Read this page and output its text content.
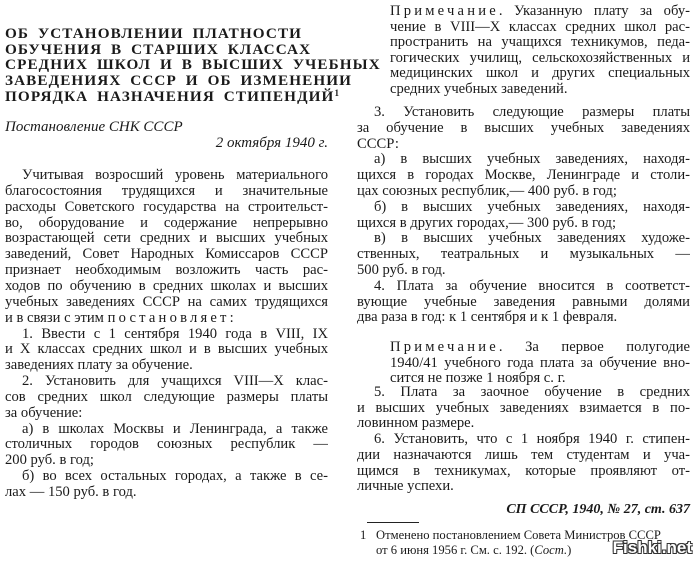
Постановление СНК СССР
2 октября 1940 г.
СП СССР, 1940, № 27, ст. 637
1
Fishki.net
ОБ УСТАНОВЛЕНИИ ПЛАТНОСТИ
ОБУЧЕНИЯ В СТАРШИХ КЛАССАХ
СРЕДНИХ ШКОЛ И В ВЫСШИХ УЧЕБНЫХ
ЗАВЕДЕНИЯХ СССР И ОБ ИЗМЕНЕНИИ
ПОРЯДКА НАЗНАЧЕНИЯ СТИПЕНДИЙ$^1$
Учитывая возросший уровень материального
благосостояния трудящихся и значительные
расходы Советского государства на строительст-
во, оборудование и содержание непрерывно
возрастающей сети средних и высших учебных
заведений, Совет Народных Комиссаров СССР
признает необходимым возложить часть рас-
ходов по обучению в средних школах и высших
учебных заведениях СССР на самих трудящихся
и в связи с этим постановляет:
1. Ввести с 1 сентября 1940 года в VIII, IX
и X классах средних школ и в высших учебных
заведениях плату за обучение.
2. Установить для учащихся VIII—X клас-
сов средних школ следующие размеры платы
за обучение:
а) в школах Москвы и Ленинграда, а также
столичных городов союзных республик —
200 руб. в год;
б) во всех остальных городах, а также в се-
лах — 150 руб. в год.
Примечание. Указанную плату за обу-
чение в VIII—X классах средних школ рас-
пространить на учащихся техникумов, педа-
гогических училищ, сельскохозяйственных и
медицинских школ и других специальных
средних учебных заведений.
3. Установить следующие размеры платы
за обучение в высших учебных заведениях
СССР:
а) в высших учебных заведениях, находя-
щихся в городах Москве, Ленинграде и столи-
цах союзных республик,— 400 руб. в год;
б) в высших учебных заведениях, находя-
щихся в других городах,— 300 руб. в год;
в) в высших учебных заведениях художе-
ственных, театральных и музыкальных —
500 руб. в год.
4. Плата за обучение вносится в соответст-
вующие учебные заведения равными долями
два раза в год: к 1 сентября и к 1 февраля.
Примечание. За первое полугодие
1940/41 учебного года плата за обучение вно-
сится не позже 1 ноября с. г.
5. Плата за заочное обучение в средних
и высших учебных заведениях взимается в по-
ловинном размере.
6. Установить, что с 1 ноября 1940 г. стипен-
дии назначаются лишь тем студентам и уча-
щимся в техникумах, которые проявляют от-
личные успехи.
Отменено постановлением Совета Министров СССР
от 6 июня 1956 г. См. с. 192. (Сост.)
